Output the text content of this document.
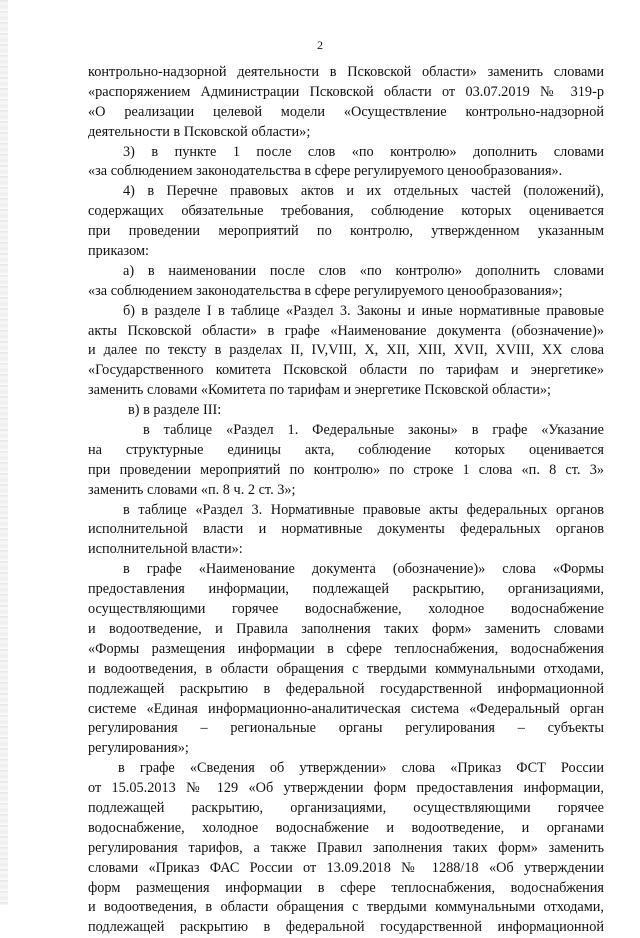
2
контрольно-надзорной деятельности в Псковской области» заменить словами
«распоряжением Администрации Псковской области от 03.07.2019 № 319-р
«О реализации целевой модели «Осуществление контрольно-надзорной
деятельности в Псковской области»;
3) в пункте 1 после слов «по контролю» дополнить словами
«за соблюдением законодательства в сфере регулируемого ценообразования».
4) в Перечне правовых актов и их отдельных частей (положений),
содержащих обязательные требования, соблюдение которых оценивается
при проведении мероприятий по контролю, утвержденном указанным
приказом:
а) в наименовании после слов «по контролю» дополнить словами
«за соблюдением законодательства в сфере регулируемого ценообразования»;
б) в разделе I в таблице «Раздел 3. Законы и иные нормативные правовые
акты Псковской области» в графе «Наименование документа (обозначение)»
и далее по тексту в разделах II, IV,VIII, X, XII, XIII, XVII, XVIII, XX слова
«Государственного комитета Псковской области по тарифам и энергетике»
заменить словами «Комитета по тарифам и энергетике Псковской области»;
в) в разделе III:
в таблице «Раздел 1. Федеральные законы» в графе «Указание
на структурные единицы акта, соблюдение которых оценивается
при проведении мероприятий по контролю» по строке 1 слова «п. 8 ст. 3»
заменить словами «п. 8 ч. 2 ст. 3»;
в таблице «Раздел 3. Нормативные правовые акты федеральных органов
исполнительной власти и нормативные документы федеральных органов
исполнительной власти»:
в графе «Наименование документа (обозначение)» слова «Формы
предоставления информации, подлежащей раскрытию, организациями,
осуществляющими горячее водоснабжение, холодное водоснабжение
и водоотведение, и Правила заполнения таких форм» заменить словами
«Формы размещения информации в сфере теплоснабжения, водоснабжения
и водоотведения, в области обращения с твердыми коммунальными отходами,
подлежащей раскрытию в федеральной государственной информационной
системе «Единая информационно-аналитическая система «Федеральный орган
регулирования – региональные органы регулирования – субъекты
регулирования»;
в графе «Сведения об утверждении» слова «Приказ ФСТ России
от 15.05.2013 № 129 «Об утверждении форм предоставления информации,
подлежащей раскрытию, организациями, осуществляющими горячее
водоснабжение, холодное водоснабжение и водоотведение, и органами
регулирования тарифов, а также Правил заполнения таких форм» заменить
словами «Приказ ФАС России от 13.09.2018 № 1288/18 «Об утверждении
форм размещения информации в сфере теплоснабжения, водоснабжения
и водоотведения, в области обращения с твердыми коммунальными отходами,
подлежащей раскрытию в федеральной государственной информационной
